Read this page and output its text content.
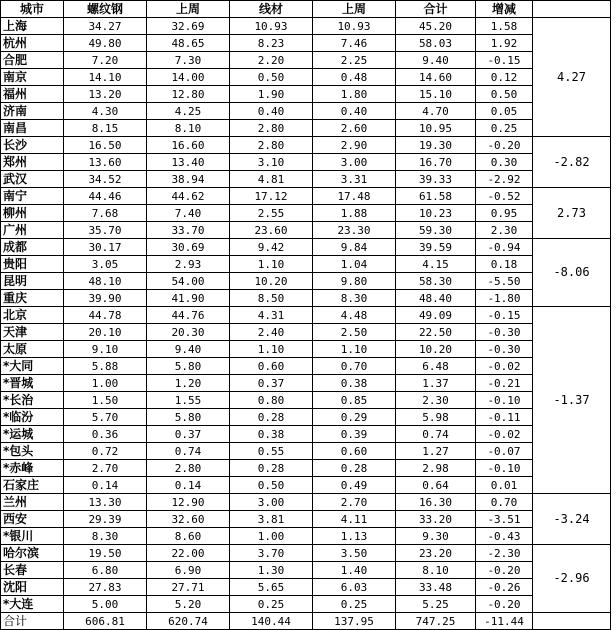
城市	螺纹钢	上周	线材	上周	合计	增减	
上海	34.27	32.69	10.93	10.93	45.20	1.58	4.27
杭州	49.80	48.65	8.23	7.46	58.03	1.92	
合肥	7.20	7.30	2.20	2.25	9.40	-0.15	
南京	14.10	14.00	0.50	0.48	14.60	0.12	
福州	13.20	12.80	1.90	1.80	15.10	0.50	
济南	4.30	4.25	0.40	0.40	4.70	0.05	
南昌	8.15	8.10	2.80	2.60	10.95	0.25	
长沙	16.50	16.60	2.80	2.90	19.30	-0.20	-2.82
郑州	13.60	13.40	3.10	3.00	16.70	0.30	
武汉	34.52	38.94	4.81	3.31	39.33	-2.92	
南宁	44.46	44.62	17.12	17.48	61.58	-0.52	2.73
柳州	7.68	7.40	2.55	1.88	10.23	0.95	
广州	35.70	33.70	23.60	23.30	59.30	2.30	
成都	30.17	30.69	9.42	9.84	39.59	-0.94	-8.06
贵阳	3.05	2.93	1.10	1.04	4.15	0.18	
昆明	48.10	54.00	10.20	9.80	58.30	-5.50	
重庆	39.90	41.90	8.50	8.30	48.40	-1.80	
北京	44.78	44.76	4.31	4.48	49.09	-0.15	-1.37
天津	20.10	20.30	2.40	2.50	22.50	-0.30	
太原	9.10	9.40	1.10	1.10	10.20	-0.30	
*大同	5.88	5.80	0.60	0.70	6.48	-0.02	
*晋城	1.00	1.20	0.37	0.38	1.37	-0.21	
*长治	1.50	1.55	0.80	0.85	2.30	-0.10	
*临汾	5.70	5.80	0.28	0.29	5.98	-0.11	
*运城	0.36	0.37	0.38	0.39	0.74	-0.02	
*包头	0.72	0.74	0.55	0.60	1.27	-0.07	
*赤峰	2.70	2.80	0.28	0.28	2.98	-0.10	
石家庄	0.14	0.14	0.50	0.49	0.64	0.01	
兰州	13.30	12.90	3.00	2.70	16.30	0.70	-3.24
西安	29.39	32.60	3.81	4.11	33.20	-3.51	
*银川	8.30	8.60	1.00	1.13	9.30	-0.43	
哈尔滨	19.50	22.00	3.70	3.50	23.20	-2.30	-2.96
长春	6.80	6.90	1.30	1.40	8.10	-0.20	
沈阳	27.83	27.71	5.65	6.03	33.48	-0.26	
*大连	5.00	5.20	0.25	0.25	5.25	-0.20	
合计	606.81	620.74	140.44	137.95	747.25	-11.44	
